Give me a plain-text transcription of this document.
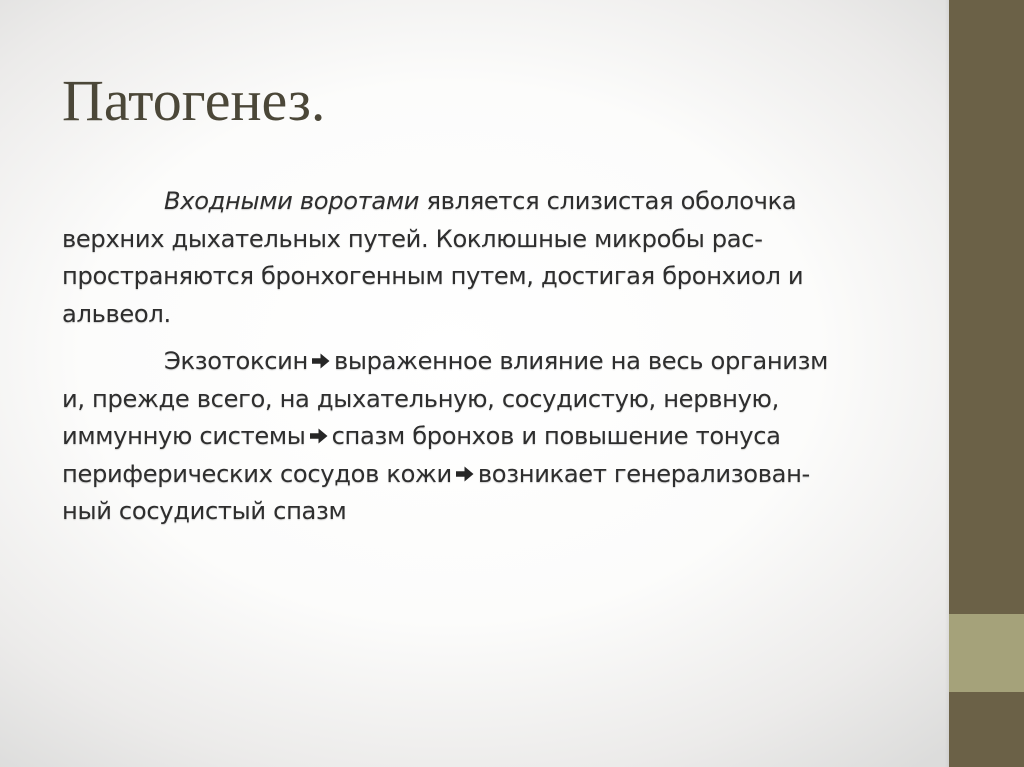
Патогенез.

Входными воротами является слизистая оболочка
верхних дыхательных путей. Коклюшные микробы рас-
пространяются бронхогенным путем, достигая бронхиол и
альвеол.

Экзотоксин выраженное влияние на весь организм
и, прежде всего, на дыхательную, сосудистую, нервную,
иммунную системы спазм бронхов и повышение тонуса
периферических сосудов кожи возникает генерализован-
ный сосудистый спазм
